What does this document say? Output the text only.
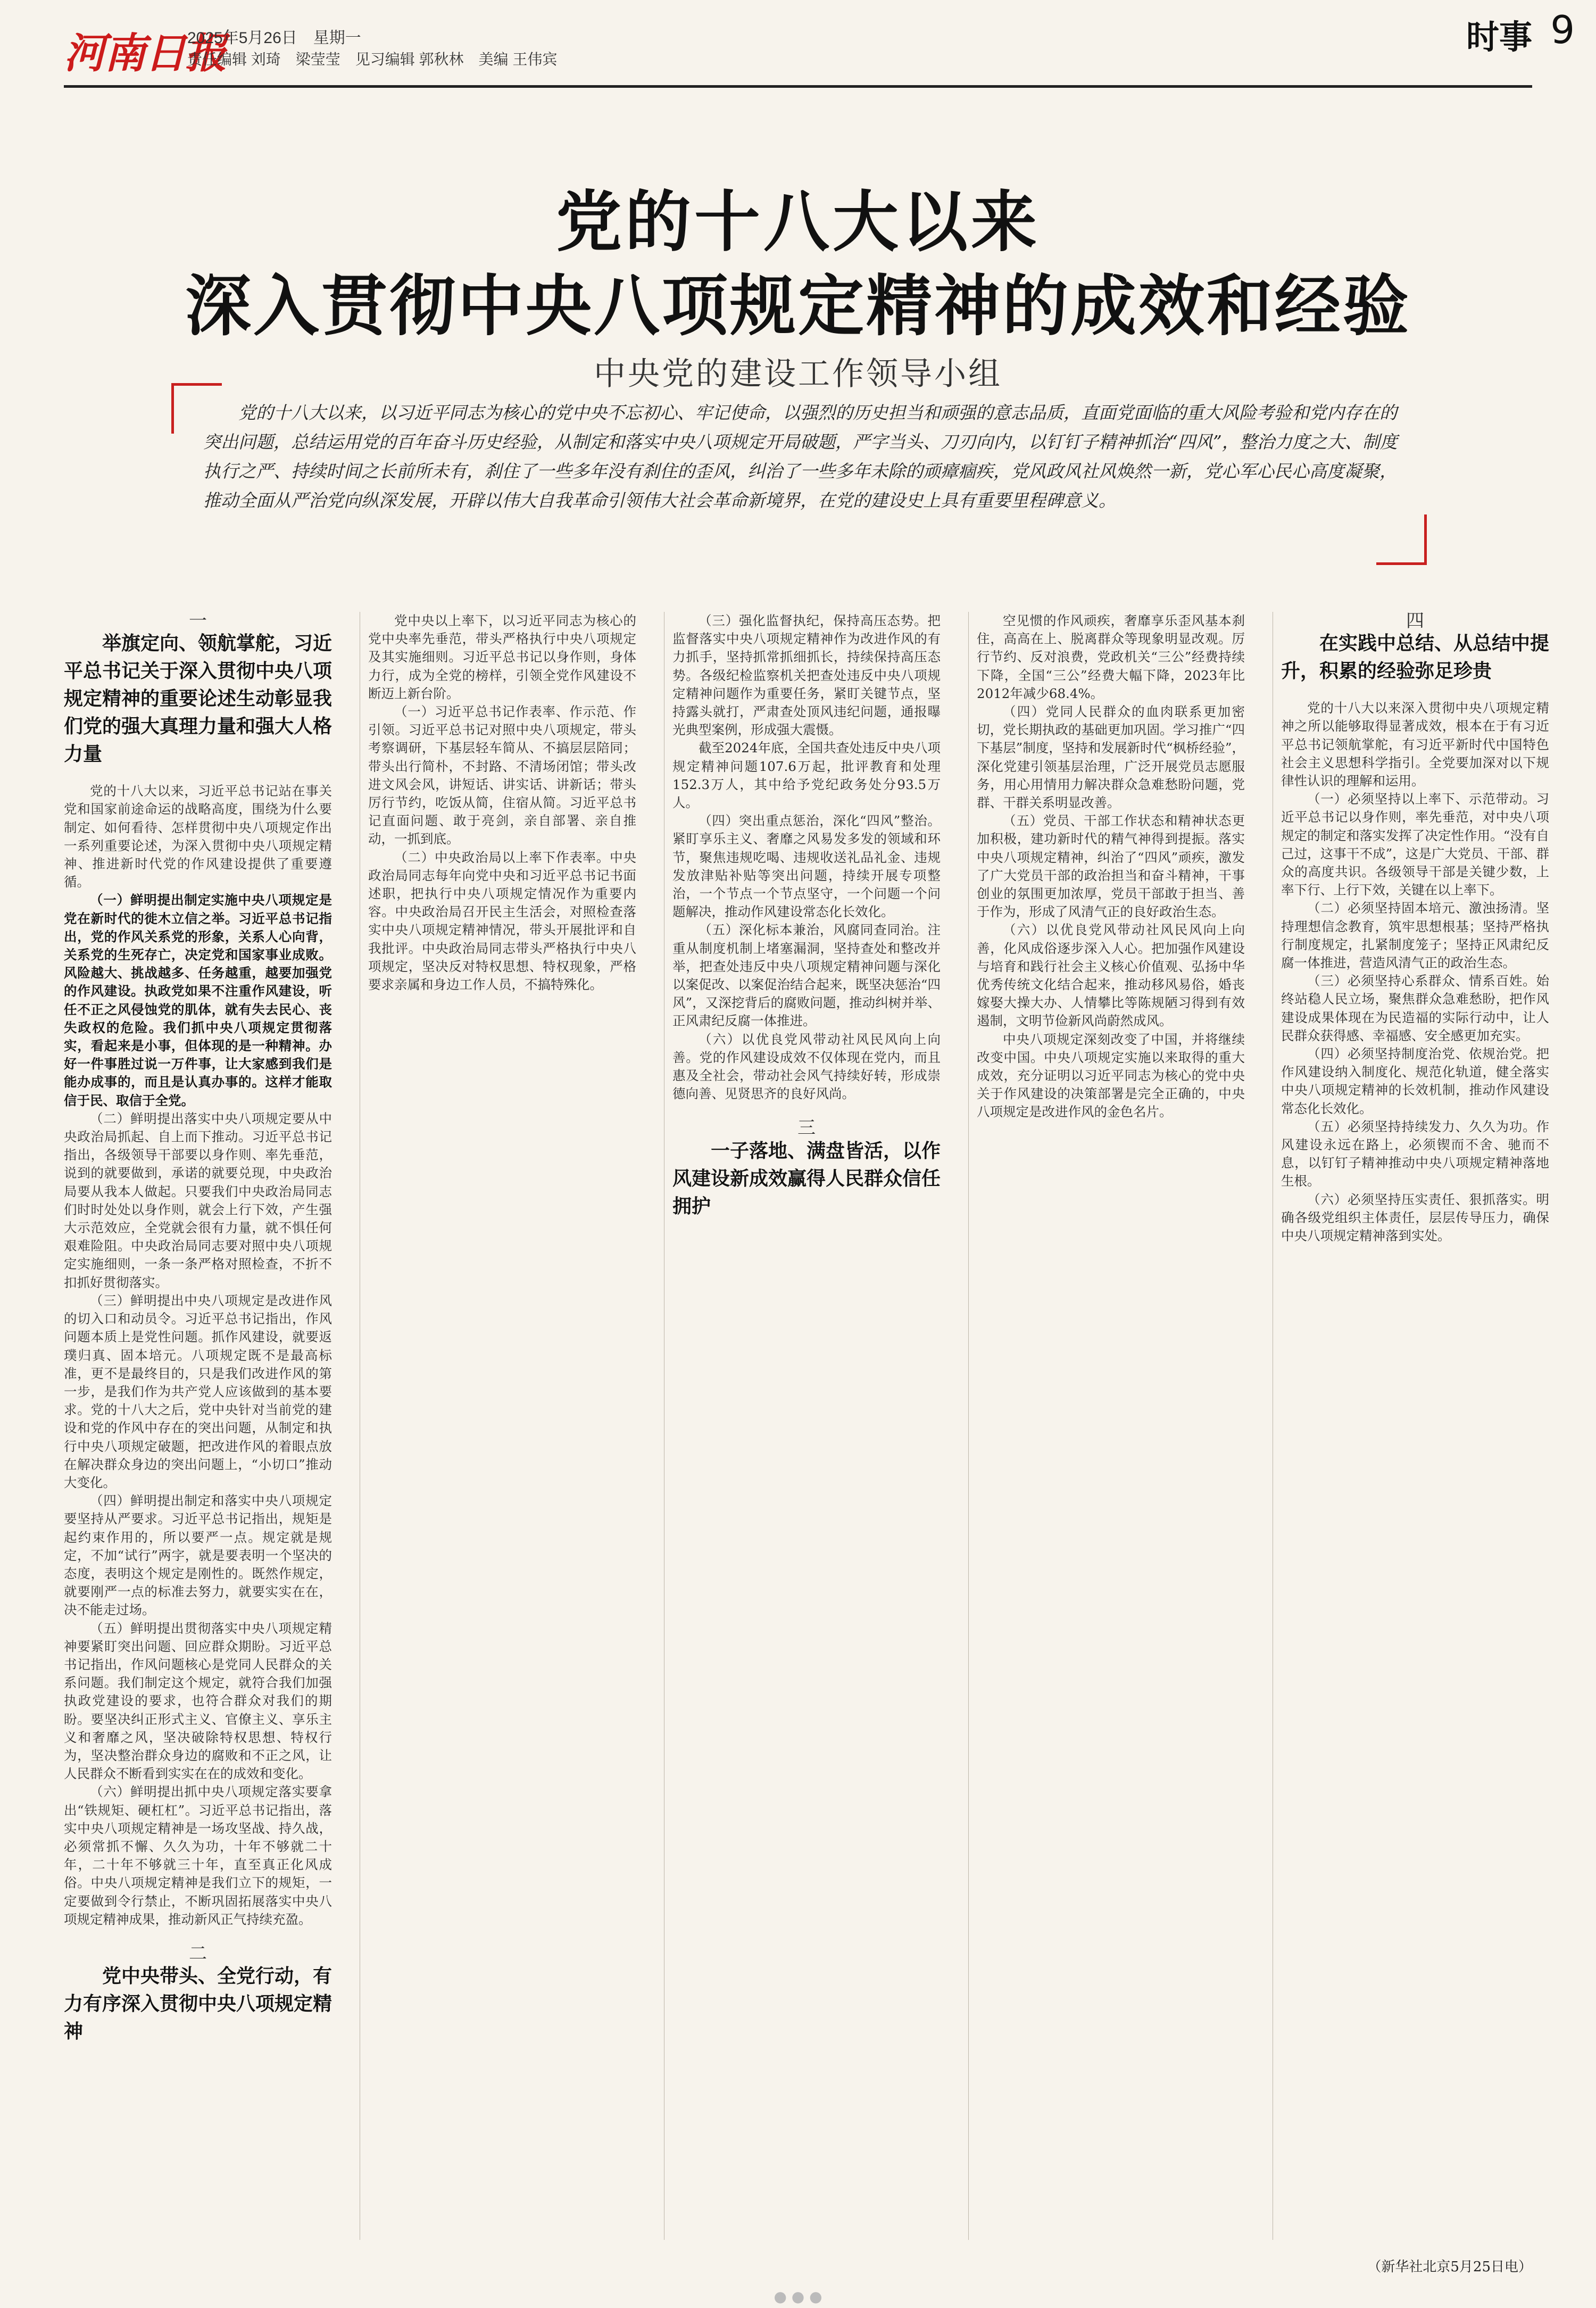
河南日报
2025年5月26日　星期一
责任编辑 刘琦　梁莹莹　见习编辑 郭秋林　美编 王伟宾
时事 9
党的十八大以来
深入贯彻中央八项规定精神的成效和经验
中央党的建设工作领导小组
党的十八大以来，以习近平同志为核心的党中央不忘初心、牢记使命，以强烈的历史担当和顽强的意志品质，直面党面临的重大风险考验和党内存在的突出问题，总结运用党的百年奋斗历史经验，从制定和落实中央八项规定开局破题，严字当头、刀刃向内，以钉钉子精神抓治“四风”，整治力度之大、制度执行之严、持续时间之长前所未有，刹住了一些多年没有刹住的歪风，纠治了一些多年未除的顽瘴痼疾，党风政风社风焕然一新，党心军心民心高度凝聚，推动全面从严治党向纵深发展，开辟以伟大自我革命引领伟大社会革命新境界，在党的建设史上具有重要里程碑意义。

一

举旗定向、领航掌舵，习近平总书记关于深入贯彻中央八项规定精神的重要论述生动彰显我们党的强大真理力量和强大人格力量

党的十八大以来，习近平总书记站在事关党和国家前途命运的战略高度，围绕为什么要制定、如何看待、怎样贯彻中央八项规定作出一系列重要论述，为深入贯彻中央八项规定精神、推进新时代党的作风建设提供了重要遵循。

（一）鲜明提出制定实施中央八项规定是党在新时代的徙木立信之举。习近平总书记指出，党的作风关系党的形象，关系人心向背，关系党的生死存亡，决定党和国家事业成败。风险越大、挑战越多、任务越重，越要加强党的作风建设。执政党如果不注重作风建设，听任不正之风侵蚀党的肌体，就有失去民心、丧失政权的危险。我们抓中央八项规定贯彻落实，看起来是小事，但体现的是一种精神。办好一件事胜过说一万件事，让大家感到我们是能办成事的，而且是认真办事的。这样才能取信于民、取信于全党。

（二）鲜明提出落实中央八项规定要从中央政治局抓起、自上而下推动。习近平总书记指出，各级领导干部要以身作则、率先垂范，说到的就要做到，承诺的就要兑现，中央政治局要从我本人做起。只要我们中央政治局同志们时时处处以身作则，就会上行下效，产生强大示范效应，全党就会很有力量，就不惧任何艰难险阻。中央政治局同志要对照中央八项规定实施细则，一条一条严格对照检查，不折不扣抓好贯彻落实。

（三）鲜明提出中央八项规定是改进作风的切入口和动员令。习近平总书记指出，作风问题本质上是党性问题。抓作风建设，就要返璞归真、固本培元。八项规定既不是最高标准，更不是最终目的，只是我们改进作风的第一步，是我们作为共产党人应该做到的基本要求。党的十八大之后，党中央针对当前党的建设和党的作风中存在的突出问题，从制定和执行中央八项规定破题，把改进作风的着眼点放在解决群众身边的突出问题上，“小切口”推动大变化。

（四）鲜明提出制定和落实中央八项规定要坚持从严要求。习近平总书记指出，规矩是起约束作用的，所以要严一点。规定就是规定，不加“试行”两字，就是要表明一个坚决的态度，表明这个规定是刚性的。既然作规定，就要刚严一点的标准去努力，就要实实在在，决不能走过场。

（五）鲜明提出贯彻落实中央八项规定精神要紧盯突出问题、回应群众期盼。习近平总书记指出，作风问题核心是党同人民群众的关系问题。我们制定这个规定，就符合我们加强执政党建设的要求，也符合群众对我们的期盼。要坚决纠正形式主义、官僚主义、享乐主义和奢靡之风，坚决破除特权思想、特权行为，坚决整治群众身边的腐败和不正之风，让人民群众不断看到实实在在的成效和变化。

（六）鲜明提出抓中央八项规定落实要拿出“铁规矩、硬杠杠”。习近平总书记指出，落实中央八项规定精神是一场攻坚战、持久战，必须常抓不懈、久久为功，十年不够就二十年，二十年不够就三十年，直至真正化风成俗。中央八项规定精神是我们立下的规矩，一定要做到令行禁止，不断巩固拓展落实中央八项规定精神成果，推动新风正气持续充盈。

二

党中央带头、全党行动，有力有序深入贯彻中央八项规定精神

党中央以上率下，以习近平同志为核心的党中央率先垂范，带头严格执行中央八项规定及其实施细则。习近平总书记以身作则，身体力行，成为全党的榜样，引领全党作风建设不断迈上新台阶。

（一）习近平总书记作表率、作示范、作引领。习近平总书记对照中央八项规定，带头考察调研，下基层轻车简从、不搞层层陪同；带头出行简朴，不封路、不清场闭馆；带头改进文风会风，讲短话、讲实话、讲新话；带头厉行节约，吃饭从简，住宿从简。习近平总书记直面问题、敢于亮剑，亲自部署、亲自推动，一抓到底。

（二）中央政治局以上率下作表率。中央政治局同志每年向党中央和习近平总书记书面述职，把执行中央八项规定情况作为重要内容。中央政治局召开民主生活会，对照检查落实中央八项规定精神情况，带头开展批评和自我批评。中央政治局同志带头严格执行中央八项规定，坚决反对特权思想、特权现象，严格要求亲属和身边工作人员，不搞特殊化。

（三）强化监督执纪，保持高压态势。把监督落实中央八项规定精神作为改进作风的有力抓手，坚持抓常抓细抓长，持续保持高压态势。各级纪检监察机关把查处违反中央八项规定精神问题作为重要任务，紧盯关键节点，坚持露头就打，严肃查处顶风违纪问题，通报曝光典型案例，形成强大震慑。

截至2024年底，全国共查处违反中央八项规定精神问题107.6万起，批评教育和处理152.3万人，其中给予党纪政务处分93.5万人。

（四）突出重点惩治，深化“四风”整治。紧盯享乐主义、奢靡之风易发多发的领域和环节，聚焦违规吃喝、违规收送礼品礼金、违规发放津贴补贴等突出问题，持续开展专项整治，一个节点一个节点坚守，一个问题一个问题解决，推动作风建设常态化长效化。

（五）深化标本兼治，风腐同查同治。注重从制度机制上堵塞漏洞，坚持查处和整改并举，把查处违反中央八项规定精神问题与深化以案促改、以案促治结合起来，既坚决惩治“四风”，又深挖背后的腐败问题，推动纠树并举、正风肃纪反腐一体推进。

（六）以优良党风带动社风民风向上向善。党的作风建设成效不仅体现在党内，而且惠及全社会，带动社会风气持续好转，形成崇德向善、见贤思齐的良好风尚。

三

一子落地、满盘皆活，以作风建设新成效赢得人民群众信任拥护

空见惯的作风顽疾，奢靡享乐歪风基本刹住，高高在上、脱离群众等现象明显改观。厉行节约、反对浪费，党政机关“三公”经费持续下降，全国“三公”经费大幅下降，2023年比2012年减少68.4%。

（四）党同人民群众的血肉联系更加密切，党长期执政的基础更加巩固。学习推广“四下基层”制度，坚持和发展新时代“枫桥经验”，深化党建引领基层治理，广泛开展党员志愿服务，用心用情用力解决群众急难愁盼问题，党群、干群关系明显改善。

（五）党员、干部工作状态和精神状态更加积极，建功新时代的精气神得到提振。落实中央八项规定精神，纠治了“四风”顽疾，激发了广大党员干部的政治担当和奋斗精神，干事创业的氛围更加浓厚，党员干部敢于担当、善于作为，形成了风清气正的良好政治生态。

（六）以优良党风带动社风民风向上向善，化风成俗逐步深入人心。把加强作风建设与培育和践行社会主义核心价值观、弘扬中华优秀传统文化结合起来，推动移风易俗，婚丧嫁娶大操大办、人情攀比等陈规陋习得到有效遏制，文明节俭新风尚蔚然成风。

中央八项规定深刻改变了中国，并将继续改变中国。中央八项规定实施以来取得的重大成效，充分证明以习近平同志为核心的党中央关于作风建设的决策部署是完全正确的，中央八项规定是改进作风的金色名片。

四

在实践中总结、从总结中提升，积累的经验弥足珍贵

党的十八大以来深入贯彻中央八项规定精神之所以能够取得显著成效，根本在于有习近平总书记领航掌舵，有习近平新时代中国特色社会主义思想科学指引。全党要加深对以下规律性认识的理解和运用。

（一）必须坚持以上率下、示范带动。习近平总书记以身作则，率先垂范，对中央八项规定的制定和落实发挥了决定性作用。“没有自己过，这事干不成”，这是广大党员、干部、群众的高度共识。各级领导干部是关键少数，上率下行、上行下效，关键在以上率下。

（二）必须坚持固本培元、激浊扬清。坚持理想信念教育，筑牢思想根基；坚持严格执行制度规定，扎紧制度笼子；坚持正风肃纪反腐一体推进，营造风清气正的政治生态。

（三）必须坚持心系群众、情系百姓。始终站稳人民立场，聚焦群众急难愁盼，把作风建设成果体现在为民造福的实际行动中，让人民群众获得感、幸福感、安全感更加充实。

（四）必须坚持制度治党、依规治党。把作风建设纳入制度化、规范化轨道，健全落实中央八项规定精神的长效机制，推动作风建设常态化长效化。

（五）必须坚持持续发力、久久为功。作风建设永远在路上，必须锲而不舍、驰而不息，以钉钉子精神推动中央八项规定精神落地生根。

（六）必须坚持压实责任、狠抓落实。明确各级党组织主体责任，层层传导压力，确保中央八项规定精神落到实处。

（新华社北京5月25日电）
● ● ●
